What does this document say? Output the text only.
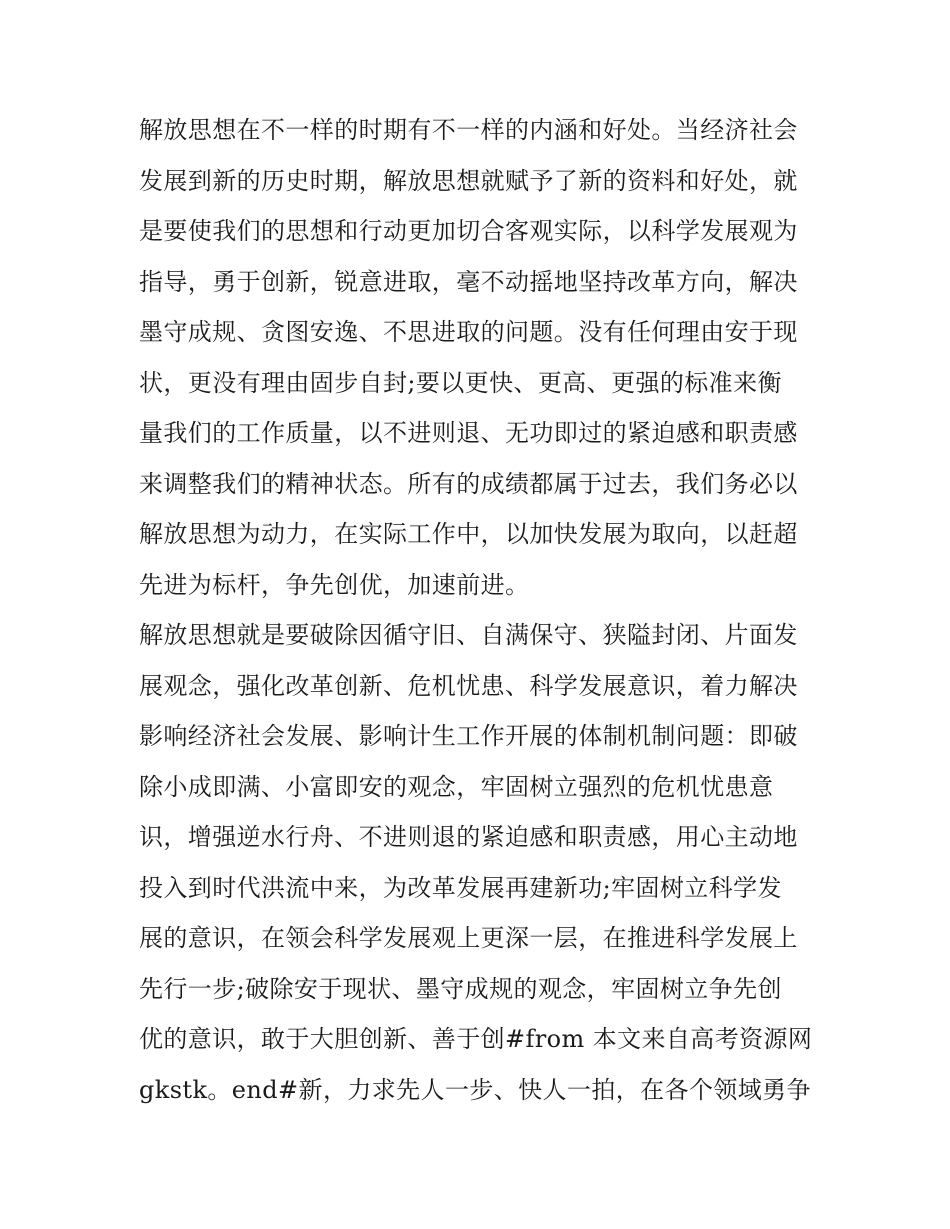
解放思想在不一样的时期有不一样的内涵和好处。当经济社会
发展到新的历史时期，解放思想就赋予了新的资料和好处，就
是要使我们的思想和行动更加切合客观实际，以科学发展观为
指导，勇于创新，锐意进取，毫不动摇地坚持改革方向，解决
墨守成规、贪图安逸、不思进取的问题。没有任何理由安于现
状，更没有理由固步自封;要以更快、更高、更强的标准来衡
量我们的工作质量，以不进则退、无功即过的紧迫感和职责感
来调整我们的精神状态。所有的成绩都属于过去，我们务必以
解放思想为动力，在实际工作中，以加快发展为取向，以赶超
先进为标杆，争先创优，加速前进。
解放思想就是要破除因循守旧、自满保守、狭隘封闭、片面发
展观念，强化改革创新、危机忧患、科学发展意识，着力解决
影响经济社会发展、影响计生工作开展的体制机制问题：即破
除小成即满、小富即安的观念，牢固树立强烈的危机忧患意
识，增强逆水行舟、不进则退的紧迫感和职责感，用心主动地
投入到时代洪流中来，为改革发展再建新功;牢固树立科学发
展的意识，在领会科学发展观上更深一层，在推进科学发展上
先行一步;破除安于现状、墨守成规的观念，牢固树立争先创
优的意识，敢于大胆创新、善于创#from 本文来自高考资源网
gkstk。end#新，力求先人一步、快人一拍，在各个领域勇争
